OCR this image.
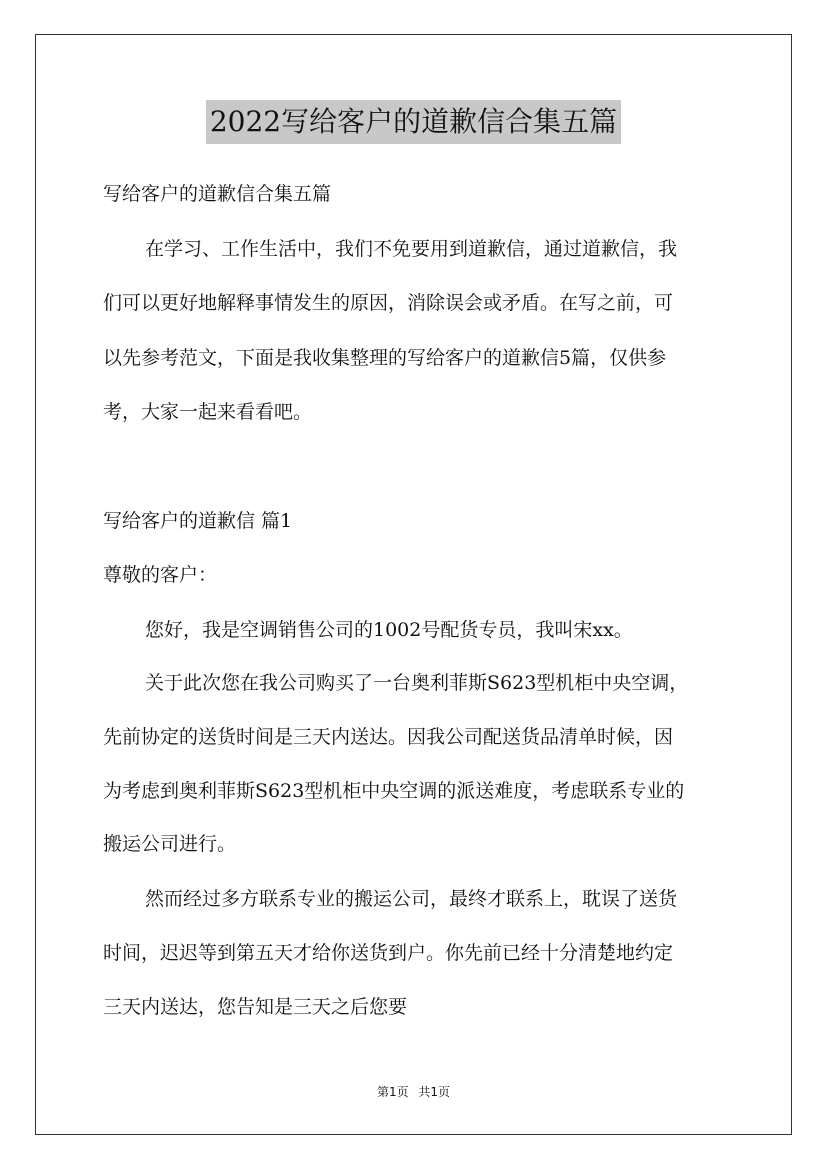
2022写给客户的道歉信合集五篇
写给客户的道歉信合集五篇
在学习、工作生活中，我们不免要用到道歉信，通过道歉信，我
们可以更好地解释事情发生的原因，消除误会或矛盾。在写之前，可
以先参考范文，下面是我收集整理的写给客户的道歉信5篇，仅供参
考，大家一起来看看吧。
写给客户的道歉信 篇1
尊敬的客户：
您好，我是空调销售公司的1002号配货专员，我叫宋xx。
关于此次您在我公司购买了一台奥利菲斯S623型机柜中央空调，
先前协定的送货时间是三天内送达。因我公司配送货品清单时候，因
为考虑到奥利菲斯S623型机柜中央空调的派送难度，考虑联系专业的
搬运公司进行。
然而经过多方联系专业的搬运公司，最终才联系上，耽误了送货
时间，迟迟等到第五天才给你送货到户。你先前已经十分清楚地约定
三天内送达，您告知是三天之后您要
第1页 共1页
